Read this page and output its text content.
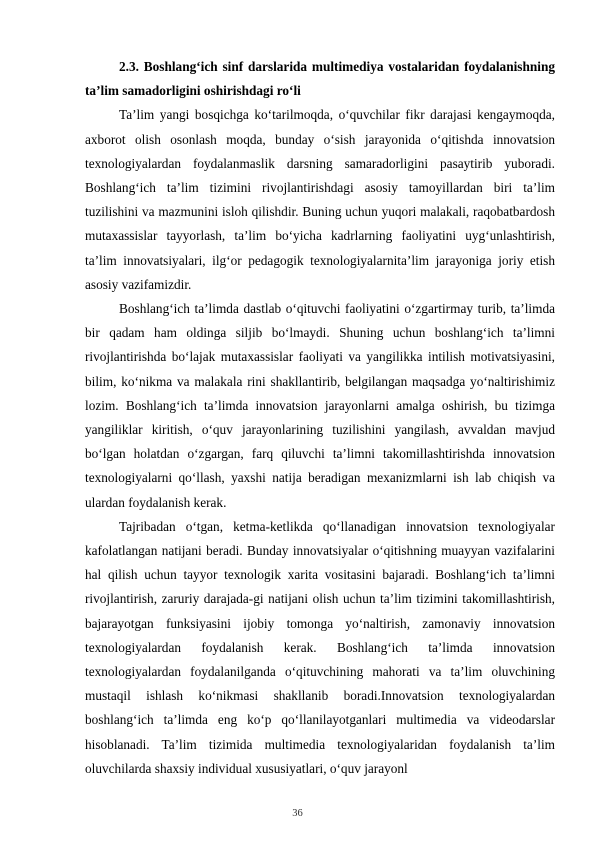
2.3. Boshlang‘ich sinf darslarida multimediya vostalaridan foydalanishning ta’lim samadorligini oshirishdagi ro‘li

Ta’lim yangi bosqichga ko‘tarilmoqda, o‘quvchilar fikr darajasi kengaymoqda, axborot olish osonlash moqda, bunday o‘sish jarayonida o‘qitishda innovatsion texnologiyalardan foydalanmaslik darsning samaradorligini pasaytirib yuboradi. Boshlang‘ich ta’lim tizimini rivojlantirishdagi asosiy tamoyillardan biri ta’lim tuzilishini va mazmunini isloh qilishdir. Buning uchun yuqori malakali, raqobatbardosh mutaxassislar tayyorlash, ta’lim bo‘yicha kadrlarning faoliyatini uyg‘unlashtirish, ta’lim innovatsiyalari, ilg‘or pedagogik texnologiyalarnita’lim jarayoniga joriy etish asosiy vazifamizdir.

Boshlang‘ich ta’limda dastlab o‘qituvchi faoliyatini o‘zgartirmay turib, ta’limda bir qadam ham oldinga siljib bo‘lmaydi. Shuning uchun boshlang‘ich ta’limni rivojlantirishda bo‘lajak mutaxassislar faoliyati va yangilikka intilish motivatsiyasini, bilim, ko‘nikma va malakala rini shakllantirib, belgilangan maqsadga yo‘naltirishimiz lozim. Boshlang‘ich ta’limda innovatsion jarayonlarni amalga oshirish, bu tizimga yangiliklar kiritish, o‘quv jarayonlarining tuzilishini yangilash, avvaldan mavjud bo‘lgan holatdan o‘zgargan, farq qiluvchi ta’limni takomillashtirishda innovatsion texnologiyalarni qo‘llash, yaxshi natija beradigan mexanizmlarni ish lab chiqish va ulardan foydalanish kerak.

Tajribadan o‘tgan, ketma-ketlikda qo‘llanadigan innovatsion texnologiyalar kafolatlangan natijani beradi. Bunday innovatsiyalar o‘qitishning muayyan vazifalarini hal qilish uchun tayyor texnologik xarita vositasini bajaradi. Boshlang‘ich ta’limni rivojlantirish, zaruriy darajada-gi natijani olish uchun ta’lim tizimini takomillashtirish, bajarayotgan funksiyasini ijobiy tomonga yo‘naltirish, zamonaviy innovatsion texnologiyalardan foydalanish kerak. Boshlang‘ich ta’limda innovatsion texnologiyalardan foydalanilganda o‘qituvchining mahorati va ta’lim oluvchining mustaqil ishlash ko‘nikmasi shakllanib boradi.Innovatsion texnologiyalardan boshlang‘ich ta’limda eng ko‘p qo‘llanilayotganlari multimedia va videodarslar hisoblanadi. Ta’lim tizimida multimedia texnologiyalaridan foydalanish ta’lim oluvchilarda shaxsiy individual xususiyatlari, o‘quv jarayonl

36
